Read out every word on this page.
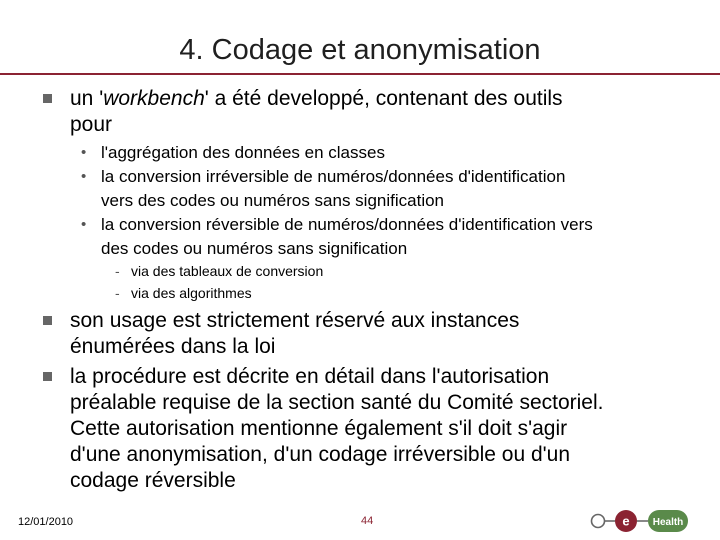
4. Codage et anonymisation
un 'workbench' a été developpé, contenant des outils
pour
• l'aggrégation des données en classes
• la conversion irréversible de numéros/données d'identification
vers des codes ou numéros sans signification
• la conversion réversible de numéros/données d'identification vers
des codes ou numéros sans signification
- via des tableaux de conversion
- via des algorithmes
son usage est strictement réservé aux instances
énumérées dans la loi
la procédure est décrite en détail dans l'autorisation
préalable requise de la section santé du Comité sectoriel.
Cette autorisation mentionne également s'il doit s'agir
d'une anonymisation, d'un codage irréversible ou d'un
codage réversible
12/01/2010	44	e Health
